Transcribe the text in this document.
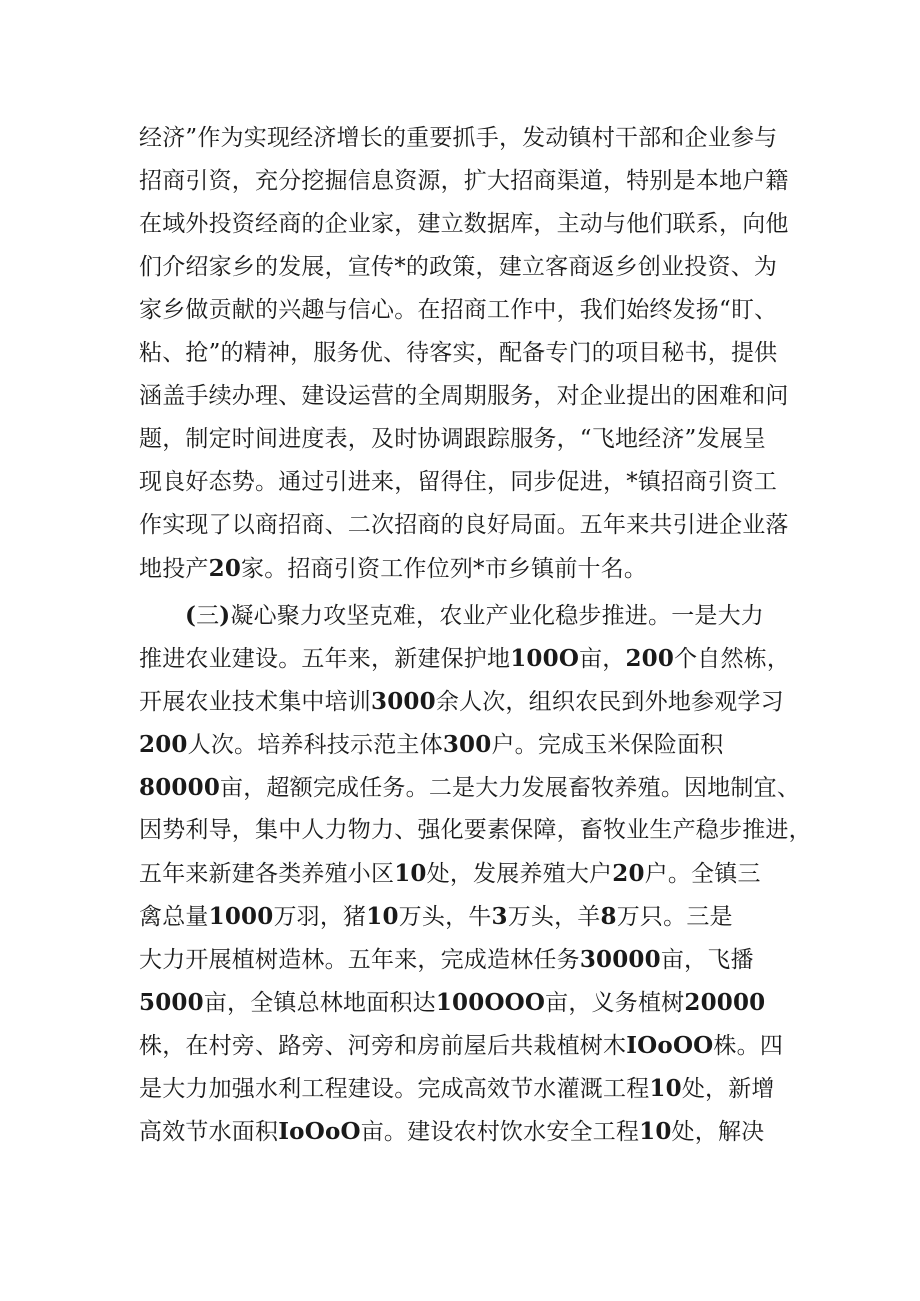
经济”作为实现经济增长的重要抓手，发动镇村干部和企业参与
招商引资，充分挖掘信息资源，扩大招商渠道，特别是本地户籍
在域外投资经商的企业家，建立数据库，主动与他们联系，向他
们介绍家乡的发展，宣传*的政策，建立客商返乡创业投资、为
家乡做贡献的兴趣与信心。在招商工作中，我们始终发扬“盯、
粘、抢”的精神，服务优、待客实，配备专门的项目秘书，提供
涵盖手续办理、建设运营的全周期服务，对企业提出的困难和问
题，制定时间进度表，及时协调跟踪服务，“飞地经济”发展呈
现良好态势。通过引进来，留得住，同步促进，*镇招商引资工
作实现了以商招商、二次招商的良好局面。五年来共引进企业落
地投产20家。招商引资工作位列*市乡镇前十名。
(三)凝心聚力攻坚克难，农业产业化稳步推进。一是大力
推进农业建设。五年来，新建保护地100O亩，200个自然栋，
开展农业技术集中培训3000余人次，组织农民到外地参观学习
200人次。培养科技示范主体300户。完成玉米保险面积
80000亩，超额完成任务。二是大力发展畜牧养殖。因地制宜、
因势利导，集中人力物力、强化要素保障，畜牧业生产稳步推进，
五年来新建各类养殖小区10处，发展养殖大户20户。全镇三
禽总量1000万羽，猪10万头，牛3万头，羊8万只。三是
大力开展植树造林。五年来，完成造林任务30000亩，飞播
5000亩，全镇总林地面积达100OOO亩，义务植树20000
株，在村旁、路旁、河旁和房前屋后共栽植树木IOoOO株。四
是大力加强水利工程建设。完成高效节水灌溉工程10处，新增
高效节水面积IoOoO亩。建设农村饮水安全工程10处，解决
